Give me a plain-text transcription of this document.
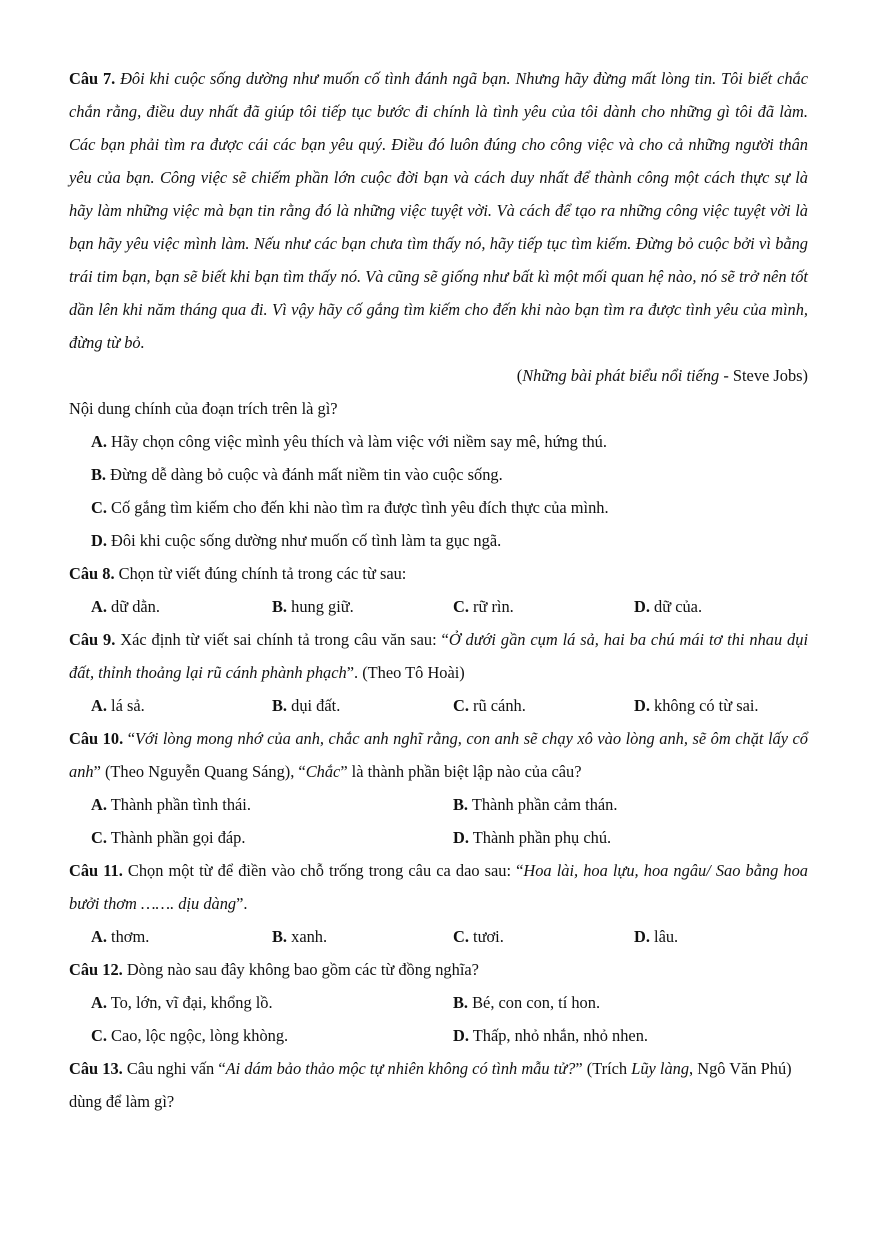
Câu 7. Đôi khi cuộc sống dường như muốn cố tình đánh ngã bạn. Nhưng hãy đừng mất lòng tin. Tôi biết chắc chắn rằng, điều duy nhất đã giúp tôi tiếp tục bước đi chính là tình yêu của tôi dành cho những gì tôi đã làm. Các bạn phải tìm ra được cái các bạn yêu quý. Điều đó luôn đúng cho công việc và cho cả những người thân yêu của bạn. Công việc sẽ chiếm phần lớn cuộc đời bạn và cách duy nhất để thành công một cách thực sự là hãy làm những việc mà bạn tin rằng đó là những việc tuyệt vời. Và cách để tạo ra những công việc tuyệt vời là bạn hãy yêu việc mình làm. Nếu như các bạn chưa tìm thấy nó, hãy tiếp tục tìm kiếm. Đừng bỏ cuộc bởi vì bằng trái tim bạn, bạn sẽ biết khi bạn tìm thấy nó. Và cũng sẽ giống như bất kì một mối quan hệ nào, nó sẽ trở nên tốt dần lên khi năm tháng qua đi. Vì vậy hãy cố gắng tìm kiếm cho đến khi nào bạn tìm ra được tình yêu của mình, đừng từ bỏ.

(Những bài phát biểu nổi tiếng - Steve Jobs)

Nội dung chính của đoạn trích trên là gì?

A. Hãy chọn công việc mình yêu thích và làm việc với niềm say mê, hứng thú.

B. Đừng dễ dàng bỏ cuộc và đánh mất niềm tin vào cuộc sống.

C. Cố gắng tìm kiếm cho đến khi nào tìm ra được tình yêu đích thực của mình.

D. Đôi khi cuộc sống dường như muốn cố tình làm ta gục ngã.

Câu 8. Chọn từ viết đúng chính tả trong các từ sau:

A. dữ dằn.	B. hung giữ.	C. rữ rìn.	D. dữ của.

Câu 9. Xác định từ viết sai chính tả trong câu văn sau: “Ở dưới gần cụm lá sả, hai ba chú mái tơ thi nhau dụi đất, thỉnh thoảng lại rũ cánh phành phạch”. (Theo Tô Hoài)

A. lá sả.	B. dụi đất.	C. rũ cánh.	D. không có từ sai.

Câu 10. “Với lòng mong nhớ của anh, chắc anh nghĩ rằng, con anh sẽ chạy xô vào lòng anh, sẽ ôm chặt lấy cổ anh” (Theo Nguyễn Quang Sáng), “Chắc” là thành phần biệt lập nào của câu?

A. Thành phần tình thái.	B. Thành phần cảm thán.
C. Thành phần gọi đáp.	D. Thành phần phụ chú.

Câu 11. Chọn một từ để điền vào chỗ trống trong câu ca dao sau: “Hoa lài, hoa lựu, hoa ngâu/ Sao bằng hoa bưởi thơm ……. dịu dàng”.

A. thơm.	B. xanh.	C. tươi.	D. lâu.

Câu 12. Dòng nào sau đây không bao gồm các từ đồng nghĩa?

A. To, lớn, vĩ đại, khổng lồ.	B. Bé, con con, tí hon.
C. Cao, lộc ngộc, lòng khòng.	D. Thấp, nhỏ nhắn, nhỏ nhen.

Câu 13. Câu nghi vấn “Ai dám bảo thảo mộc tự nhiên không có tình mẫu tử?” (Trích Lũy làng, Ngô Văn Phú) dùng để làm gì?
